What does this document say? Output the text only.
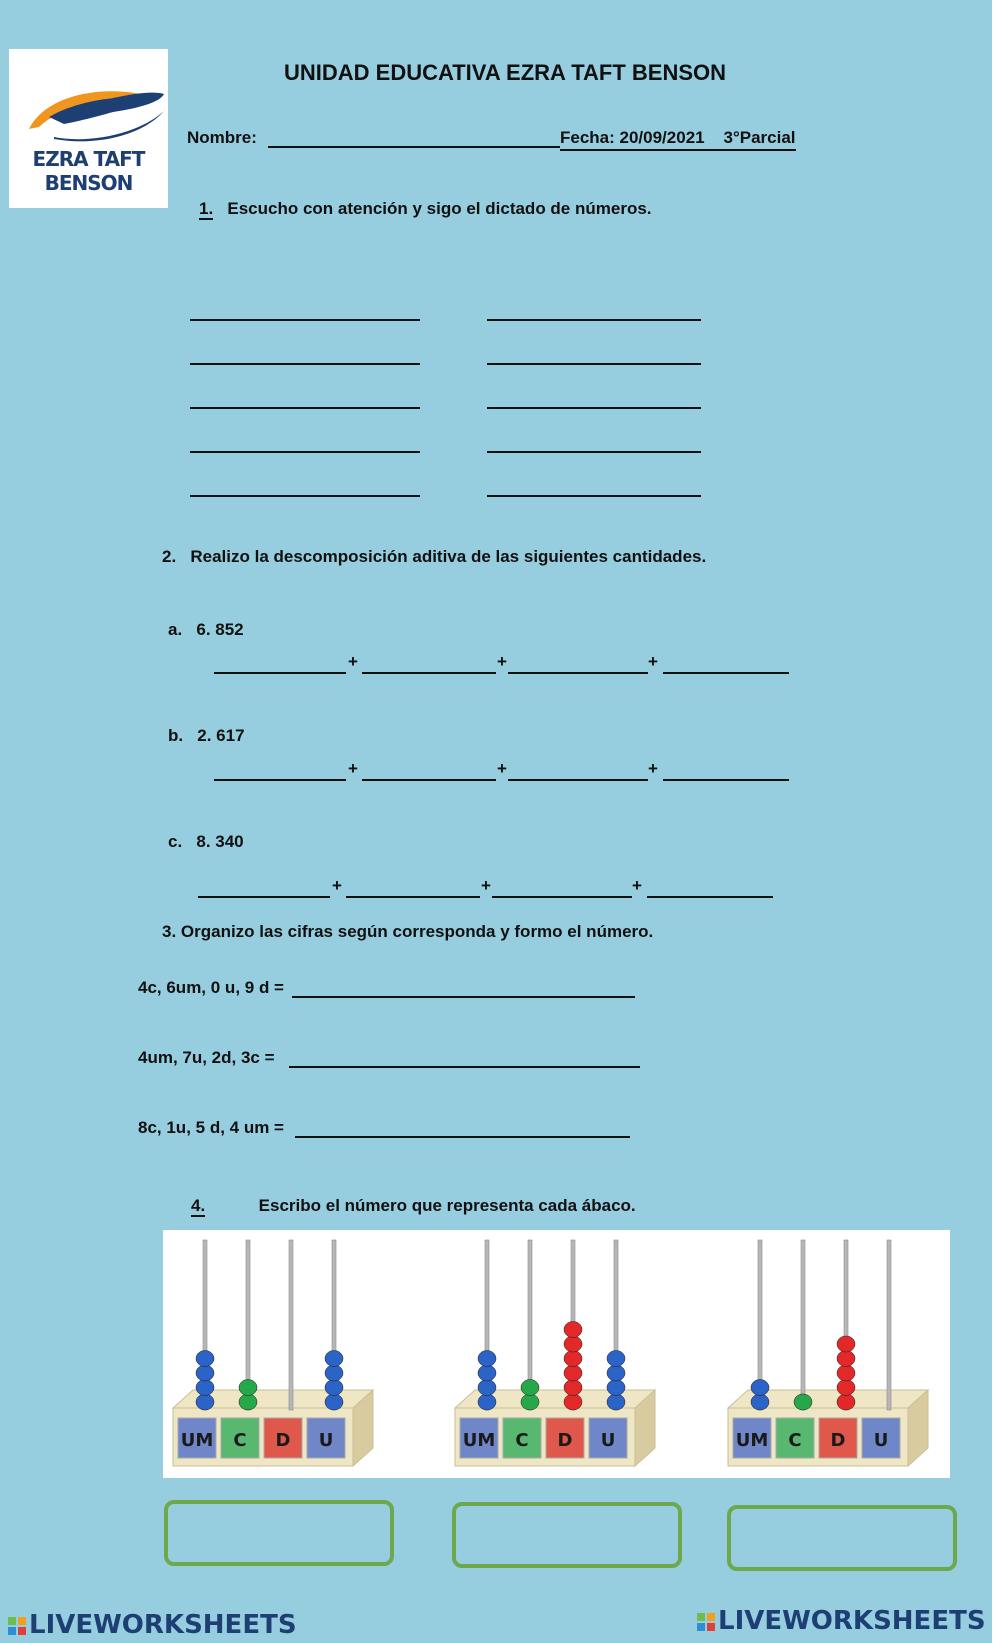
EZRA TAFT BENSON
UNIDAD EDUCATIVA EZRA TAFT BENSON
Nombre:	Fecha: 20/09/2021 3°Parcial
1. Escucho con atención y sigo el dictado de números.
2. Realizo la descomposición aditiva de las siguientes cantidades.
a. 6. 852
+	+	+
b. 2. 617
+	+	+
c. 8. 340
+	+	+
3. Organizo las cifras según corresponda y formo el número.
4c, 6um, 0 u, 9 d =
4um, 7u, 2d, 3c =
8c, 1u, 5 d, 4 um =
4.	Escribo el número que representa cada ábaco.
UM C D U	UM C D U	UM C D U
LIVEWORKSHEETS	LIVEWORKSHEETS
